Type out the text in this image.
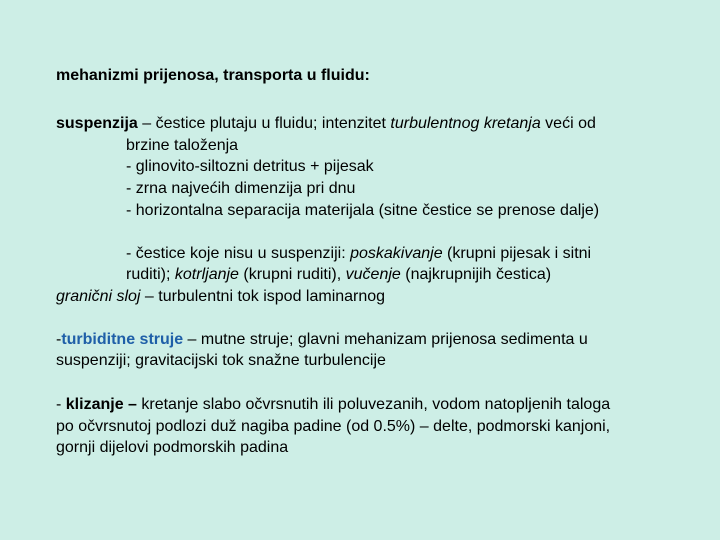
mehanizmi prijenosa, transporta u fluidu:
suspenzija – čestice plutaju u fluidu; intenzitet turbulentnog kretanja veći od
brzine taloženja
- glinovito-siltozni detritus + pijesak
- zrna najvećih dimenzija pri dnu
- horizontalna separacija materijala (sitne čestice se prenose dalje)
- čestice koje nisu u suspenziji: poskakivanje (krupni pijesak i sitni
ruditi); kotrljanje (krupni ruditi), vučenje (najkrupnijih čestica)
granični sloj – turbulentni tok ispod laminarnog
-turbiditne struje – mutne struje; glavni mehanizam prijenosa sedimenta u
suspenziji; gravitacijski tok snažne turbulencije
- klizanje – kretanje slabo očvrsnutih ili poluvezanih, vodom natopljenih taloga
po očvrsnutoj podlozi duž nagiba padine (od 0.5%) – delte, podmorski kanjoni,
gornji dijelovi podmorskih padina
